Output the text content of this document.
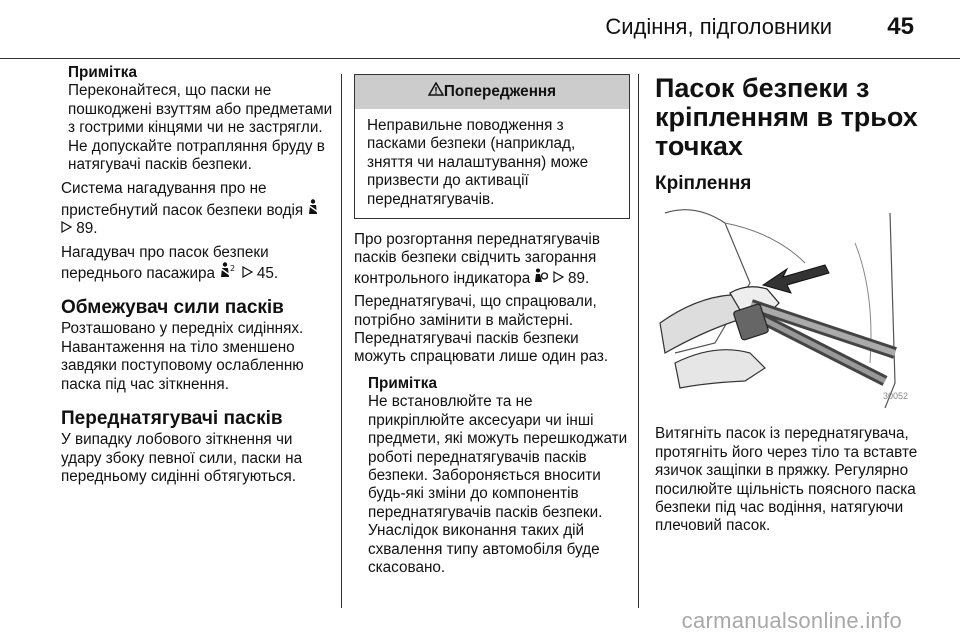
Сидіння, підголовники 45
Примітка
Переконайтеся, що паски не пошкоджені взуттям або предметами з гострими кінцями чи не застрягли. Не допускайте потрапляння бруду в натягувачі пасків безпеки.

Система нагадування про не пристебнутий пасок безпеки водія   89.

Нагадувач про пасок безпеки переднього пасажира 2 45.

Обмежувач сили пасків

Розташовано у передніх сидіннях. Навантаження на тіло зменшено завдяки поступовому ослабленню паска під час зіткнення.

Переднатягувачі пасків

У випадку лобового зіткнення чи удару збоку певної сили, паски на передньому сидінні обтягуються.

Попередження
Неправильне поводження з пасками безпеки (наприклад, зняття чи налаштування) може призвести до активації переднатягувачів.

Про розгортання переднатягувачів пасків безпеки свідчить загорання контрольного індикатора 89.

Переднатягувачі, що спрацювали, потрібно замінити в майстерні. Переднатягувачі пасків безпеки можуть спрацювати лише один раз.

Примітка
Не встановлюйте та не прикріплюйте аксесуари чи інші предмети, які можуть перешкоджати роботі переднатягувачів пасків безпеки. Забороняється вносити будь-які зміни до компонентів переднатягувачів пасків безпеки. Унаслідок виконання таких дій схвалення типу автомобіля буде скасовано.
Пасок безпеки з кріпленням в трьох точках
Кріплення
30052

Витягніть пасок із переднатягувача, протягніть його через тіло та вставте язичок защіпки в пряжку. Регулярно посилюйте щільність поясного паска безпеки під час водіння, натягуючи плечовий пасок.

carmanualsonline.info
